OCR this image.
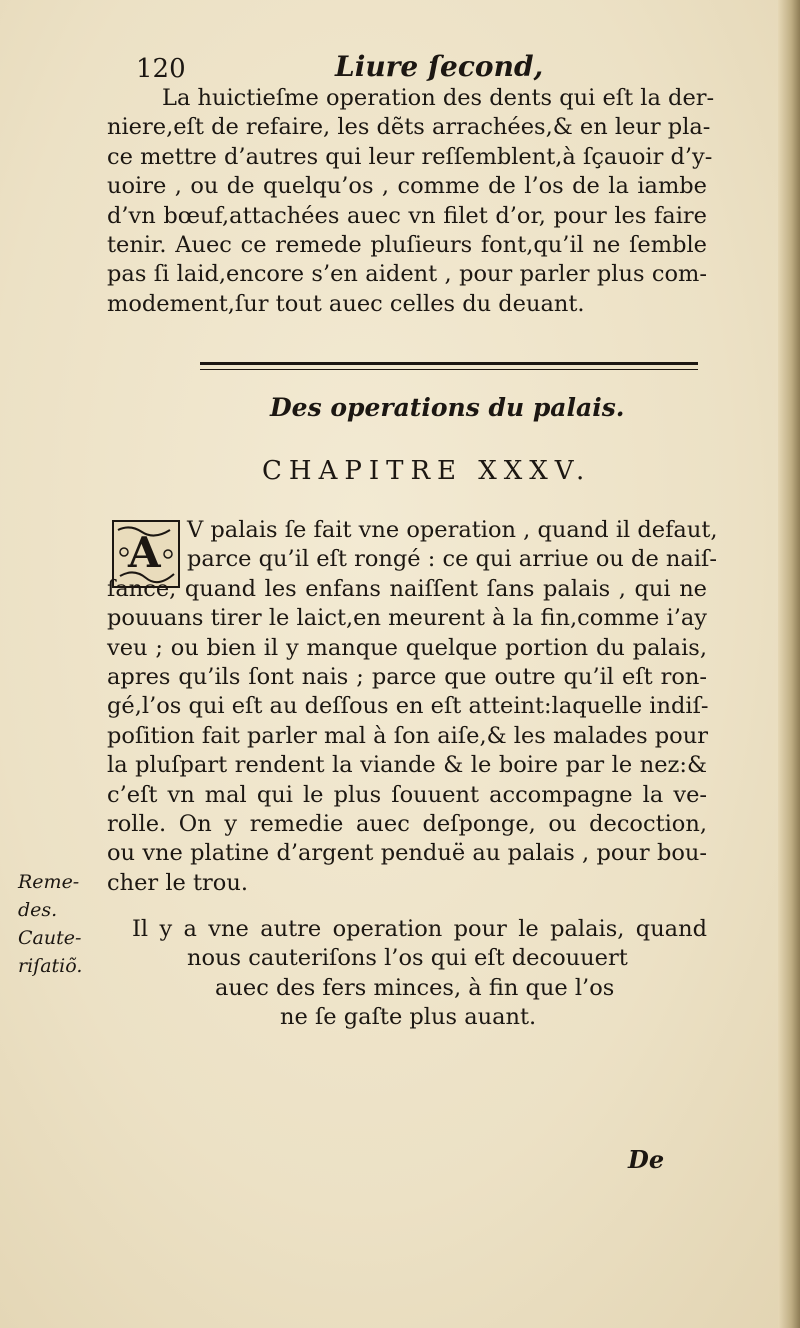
120	Liure ſecond,
La huictieſme operation des dents qui eſt la der-
niere,eſt de refaire, les dẽts arrachées,& en leur pla-
ce mettre d’autres qui leur reſſemblent,à ſçauoir d’y-
uoire , ou de quelqu’os , comme de l’os de la iambe
d’vn bœuf,attachées auec vn filet d’or, pour les faire
tenir. Auec ce remede pluſieurs font,qu’il ne ſemble
pas ſi laid,encore s’en aident , pour parler plus com-
modement,ſur tout auec celles du deuant.
Des operations du palais.
CHAPITRE XXXV.
A	V palais ſe fait vne operation , quand il defaut,
parce qu’il eſt rongé : ce qui arriue ou de naiſ-
ſance, quand les enfans naiſſent ſans palais , qui ne
pouuans tirer le laict,en meurent à la fin,comme i’ay
veu ; ou bien il y manque quelque portion du palais,
apres qu’ils ſont nais ; parce que outre qu’il eſt ron-
gé,l’os qui eſt au deſſous en eſt atteint:laquelle indiſ-
poſition fait parler mal à ſon aiſe,& les malades pour
la pluſpart rendent la viande & le boire par le nez:&
c’eſt vn mal qui le plus ſouuent accompagne la ve-
rolle. On y remedie auec deſponge, ou decoction,
ou vne platine d’argent penduë au palais , pour bou-
cher le trou.
Il y a vne autre operation pour le palais, quand
nous cauteriſons l’os qui eſt decouuert
auec des fers minces, à fin que l’os
ne ſe gaſte plus auant.
Reme-
des.
Caute-
riſatiõ.
De
